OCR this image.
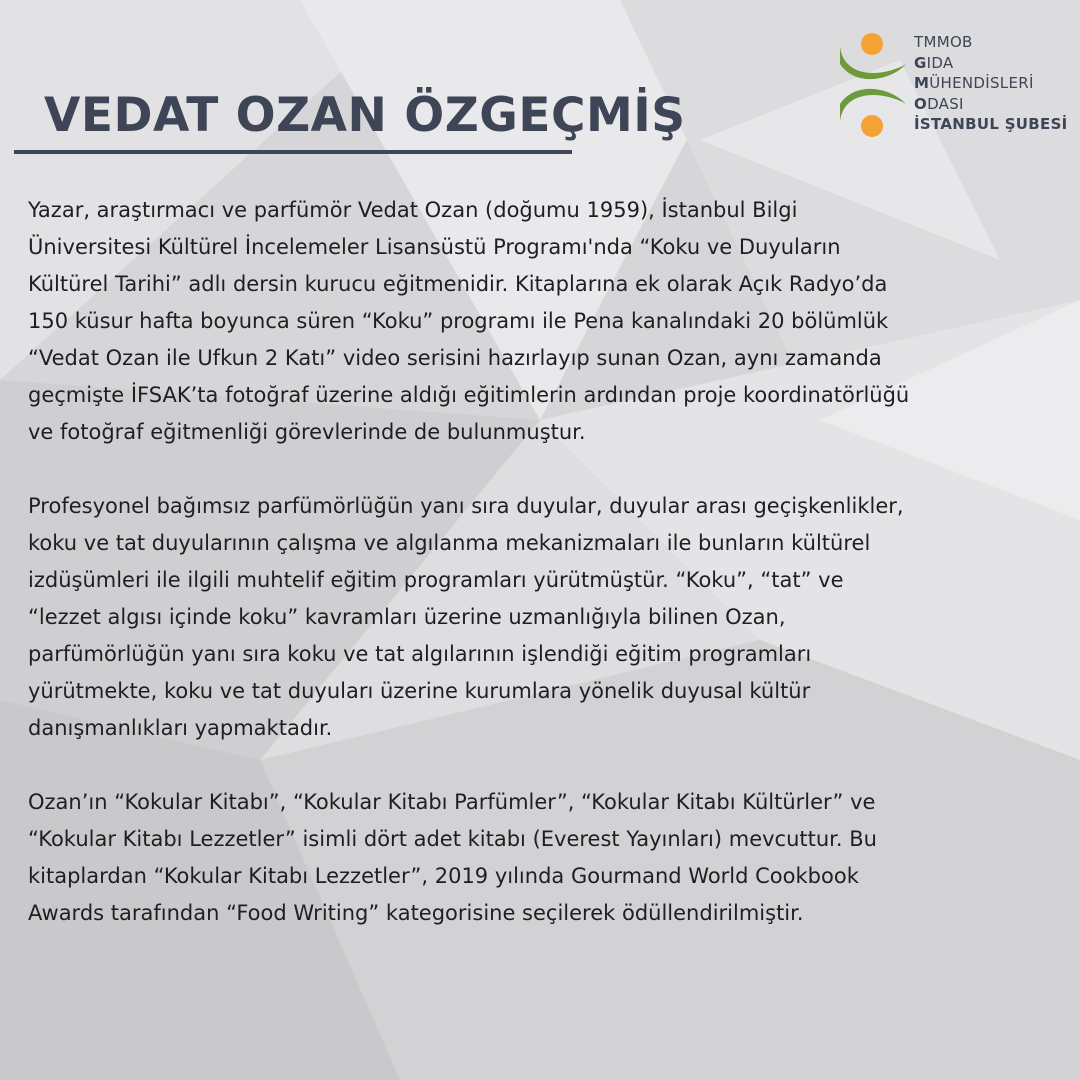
VEDAT OZAN ÖZGEÇMİŞ
TMMOB
GIDA
MÜHENDİSLERİ
ODASI
İSTANBUL ŞUBESİ

Yazar, araştırmacı ve parfümör Vedat Ozan (doğumu 1959), İstanbul Bilgi
Üniversitesi Kültürel İncelemeler Lisansüstü Programı'nda “Koku ve Duyuların
Kültürel Tarihi” adlı dersin kurucu eğitmenidir. Kitaplarına ek olarak Açık Radyo’da
150 küsur hafta boyunca süren “Koku” programı ile Pena kanalındaki 20 bölümlük
“Vedat Ozan ile Ufkun 2 Katı” video serisini hazırlayıp sunan Ozan, aynı zamanda
geçmişte İFSAK’ta fotoğraf üzerine aldığı eğitimlerin ardından proje koordinatörlüğü
ve fotoğraf eğitmenliği görevlerinde de bulunmuştur.

Profesyonel bağımsız parfümörlüğün yanı sıra duyular, duyular arası geçişkenlikler,
koku ve tat duyularının çalışma ve algılanma mekanizmaları ile bunların kültürel
izdüşümleri ile ilgili muhtelif eğitim programları yürütmüştür. “Koku”, “tat” ve
“lezzet algısı içinde koku” kavramları üzerine uzmanlığıyla bilinen Ozan,
parfümörlüğün yanı sıra koku ve tat algılarının işlendiği eğitim programları
yürütmekte, koku ve tat duyuları üzerine kurumlara yönelik duyusal kültür
danışmanlıkları yapmaktadır.

Ozan’ın “Kokular Kitabı”, “Kokular Kitabı Parfümler”, “Kokular Kitabı Kültürler” ve
“Kokular Kitabı Lezzetler” isimli dört adet kitabı (Everest Yayınları) mevcuttur. Bu
kitaplardan “Kokular Kitabı Lezzetler”, 2019 yılında Gourmand World Cookbook
Awards tarafından “Food Writing” kategorisine seçilerek ödüllendirilmiştir.
